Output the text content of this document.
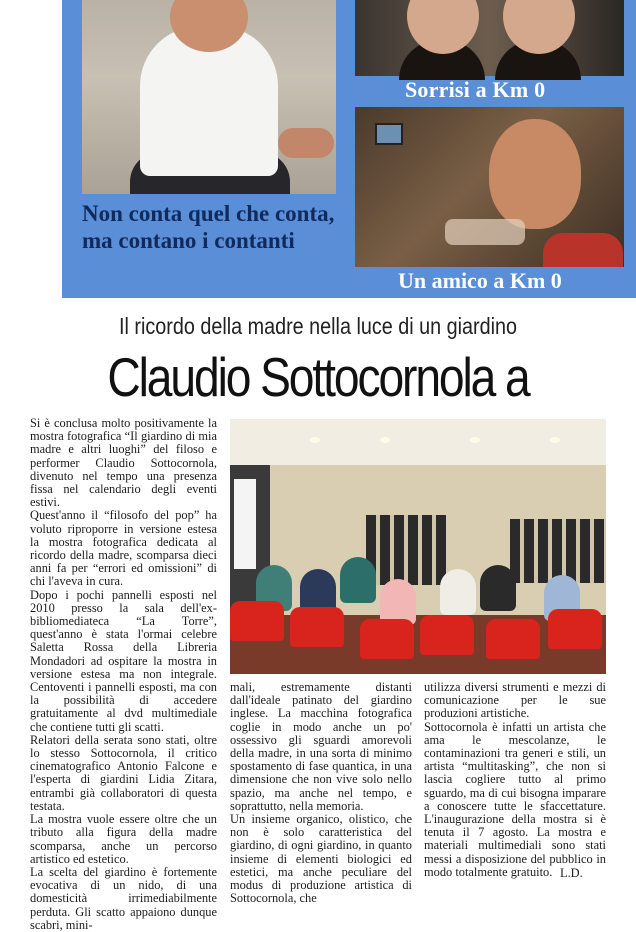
Sorrisi a Km 0
Un amico a Km 0
Non conta quel che conta, ma contano i contanti
Il ricordo della madre nella luce di un giardino
Claudio Sottocornola a

Si è conclusa molto positivamente la mostra fotografica “Il giardino di mia madre e altri luoghi” del filoso e performer Claudio Sottocornola, divenuto nel tempo una presenza fissa nel calendario degli eventi estivi.

Quest'anno il “filosofo del pop” ha voluto riproporre in versione estesa la mostra fotografica dedicata al ricordo della madre, scomparsa dieci anni fa per “errori ed omissioni” di chi l'aveva in cura.

Dopo i pochi pannelli esposti nel 2010 presso la sala dell'ex-bibliomediateca “La Torre”, quest'anno è stata l'ormai celebre Saletta Rossa della Libreria Mondadori ad ospitare la mostra in versione estesa ma non integrale. Centoventi i pannelli esposti, ma con la possibilità di accedere gratuitamente al dvd multimediale che contiene tutti gli scatti.

Relatori della serata sono stati, oltre lo stesso Sottocornola, il critico cinematografico Antonio Falcone e l'esperta di giardini Lidia Zitara, entrambi già collaboratori di questa testata.

La mostra vuole essere oltre che un tributo alla figura della madre scomparsa, anche un percorso artistico ed estetico.

La scelta del giardino è fortemente evocativa di un nido, di una domesticità irrimediabilmente perduta. Gli scatto appaiono dunque scabri, mini-

mali, estremamente distanti dall'ideale patinato del giardino inglese. La macchina fotografica coglie in modo anche un po' ossessivo gli sguardi amorevoli della madre, in una sorta di minimo spostamento di fase quantica, in una dimensione che non vive solo nello spazio, ma anche nel tempo, e soprattutto, nella memoria.

Un insieme organico, olistico, che non è solo caratteristica del giardino, di ogni giardino, in quanto insieme di elementi biologici ed estetici, ma anche peculiare del modus di produzione artistica di Sottocornola, che

utilizza diversi strumenti e mezzi di comunicazione per le sue produzioni artistiche.

Sottocornola è infatti un artista che ama le mescolanze, le contaminazioni tra generi e stili, un artista “multitasking”, che non si lascia cogliere tutto al primo sguardo, ma di cui bisogna imparare a conoscere tutte le sfaccettature. L'inaugurazione della mostra si è tenuta il 7 agosto. La mostra e materiali multimediali sono stati messi a disposizione del pubblico in modo totalmente gratuito. L.D.
